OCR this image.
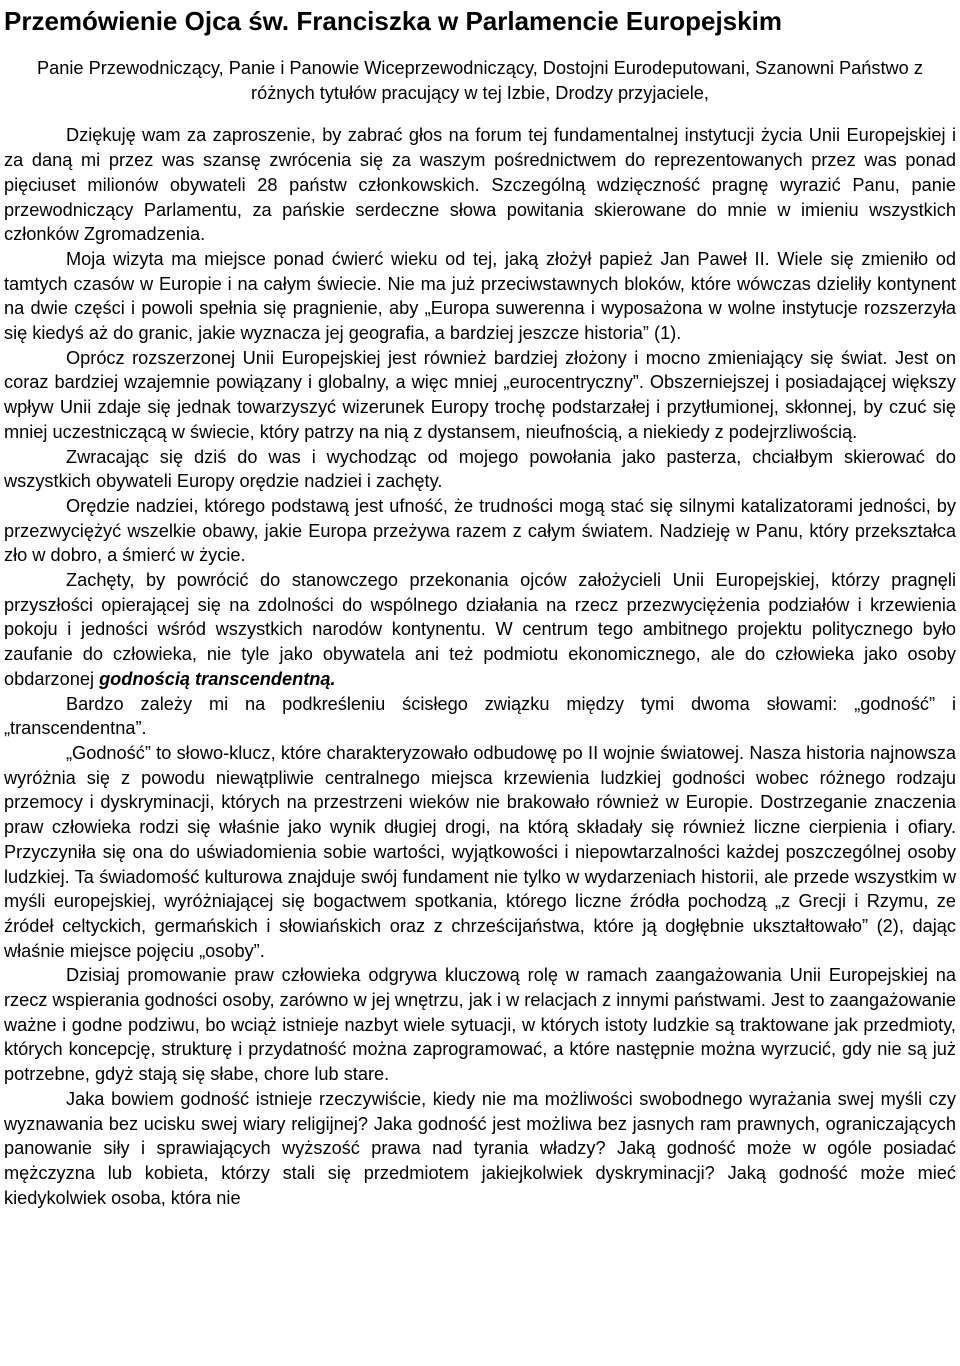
Przemówienie Ojca św. Franciszka w Parlamencie Europejskim

Panie Przewodniczący, Panie i Panowie Wiceprzewodniczący, Dostojni Eurodeputowani, Szanowni Państwo z różnych tytułów pracujący w tej Izbie, Drodzy przyjaciele,

Dziękuję wam za zaproszenie, by zabrać głos na forum tej fundamentalnej instytucji życia Unii Europejskiej i za daną mi przez was szansę zwrócenia się za waszym pośrednictwem do reprezentowanych przez was ponad pięciuset milionów obywateli 28 państw członkowskich. Szczególną wdzięczność pragnę wyrazić Panu, panie przewodniczący Parlamentu, za pańskie serdeczne słowa powitania skierowane do mnie w imieniu wszystkich członków Zgromadzenia.

Moja wizyta ma miejsce ponad ćwierć wieku od tej, jaką złożył papież Jan Paweł II. Wiele się zmieniło od tamtych czasów w Europie i na całym świecie. Nie ma już przeciwstawnych bloków, które wówczas dzieliły kontynent na dwie części i powoli spełnia się pragnienie, aby „Europa suwerenna i wyposażona w wolne instytucje rozszerzyła się kiedyś aż do granic, jakie wyznacza jej geografia, a bardziej jeszcze historia” (1).

Oprócz rozszerzonej Unii Europejskiej jest również bardziej złożony i mocno zmieniający się świat. Jest on coraz bardziej wzajemnie powiązany i globalny, a więc mniej „eurocentryczny”. Obszerniejszej i posiadającej większy wpływ Unii zdaje się jednak towarzyszyć wizerunek Europy trochę podstarzałej i przytłumionej, skłonnej, by czuć się mniej uczestniczącą w świecie, który patrzy na nią z dystansem, nieufnością, a niekiedy z podejrzliwością.

Zwracając się dziś do was i wychodząc od mojego powołania jako pasterza, chciałbym skierować do wszystkich obywateli Europy orędzie nadziei i zachęty.

Orędzie nadziei, którego podstawą jest ufność, że trudności mogą stać się silnymi katalizatorami jedności, by przezwyciężyć wszelkie obawy, jakie Europa przeżywa razem z całym światem. Nadzieję w Panu, który przekształca zło w dobro, a śmierć w życie.

Zachęty, by powrócić do stanowczego przekonania ojców założycieli Unii Europejskiej, którzy pragnęli przyszłości opierającej się na zdolności do wspólnego działania na rzecz przezwyciężenia podziałów i krzewienia pokoju i jedności wśród wszystkich narodów kontynentu. W centrum tego ambitnego projektu politycznego było zaufanie do człowieka, nie tyle jako obywatela ani też podmiotu ekonomicznego, ale do człowieka jako osoby obdarzonej godnością transcendentną.

Bardzo zależy mi na podkreśleniu ścisłego związku między tymi dwoma słowami: „godność” i „transcendentna”.

„Godność” to słowo-klucz, które charakteryzowało odbudowę po II wojnie światowej. Nasza historia najnowsza wyróżnia się z powodu niewątpliwie centralnego miejsca krzewienia ludzkiej godności wobec różnego rodzaju przemocy i dyskryminacji, których na przestrzeni wieków nie brakowało również w Europie. Dostrzeganie znaczenia praw człowieka rodzi się właśnie jako wynik długiej drogi, na którą składały się również liczne cierpienia i ofiary. Przyczyniła się ona do uświadomienia sobie wartości, wyjątkowości i niepowtarzalności każdej poszczególnej osoby ludzkiej. Ta świadomość kulturowa znajduje swój fundament nie tylko w wydarzeniach historii, ale przede wszystkim w myśli europejskiej, wyróżniającej się bogactwem spotkania, którego liczne źródła pochodzą „z Grecji i Rzymu, ze źródeł celtyckich, germańskich i słowiańskich oraz z chrześcijaństwa, które ją dogłębnie ukształtowało” (2), dając właśnie miejsce pojęciu „osoby”.

Dzisiaj promowanie praw człowieka odgrywa kluczową rolę w ramach zaangażowania Unii Europejskiej na rzecz wspierania godności osoby, zarówno w jej wnętrzu, jak i w relacjach z innymi państwami. Jest to zaangażowanie ważne i godne podziwu, bo wciąż istnieje nazbyt wiele sytuacji, w których istoty ludzkie są traktowane jak przedmioty, których koncepcję, strukturę i przydatność można zaprogramować, a które następnie można wyrzucić, gdy nie są już potrzebne, gdyż stają się słabe, chore lub stare.

Jaka bowiem godność istnieje rzeczywiście, kiedy nie ma możliwości swobodnego wyrażania swej myśli czy wyznawania bez ucisku swej wiary religijnej? Jaka godność jest możliwa bez jasnych ram prawnych, ograniczających panowanie siły i sprawiających wyższość prawa nad tyrania władzy? Jaką godność może w ogóle posiadać mężczyzna lub kobieta, którzy stali się przedmiotem jakiejkolwiek dyskryminacji? Jaką godność może mieć kiedykolwiek osoba, która nie
